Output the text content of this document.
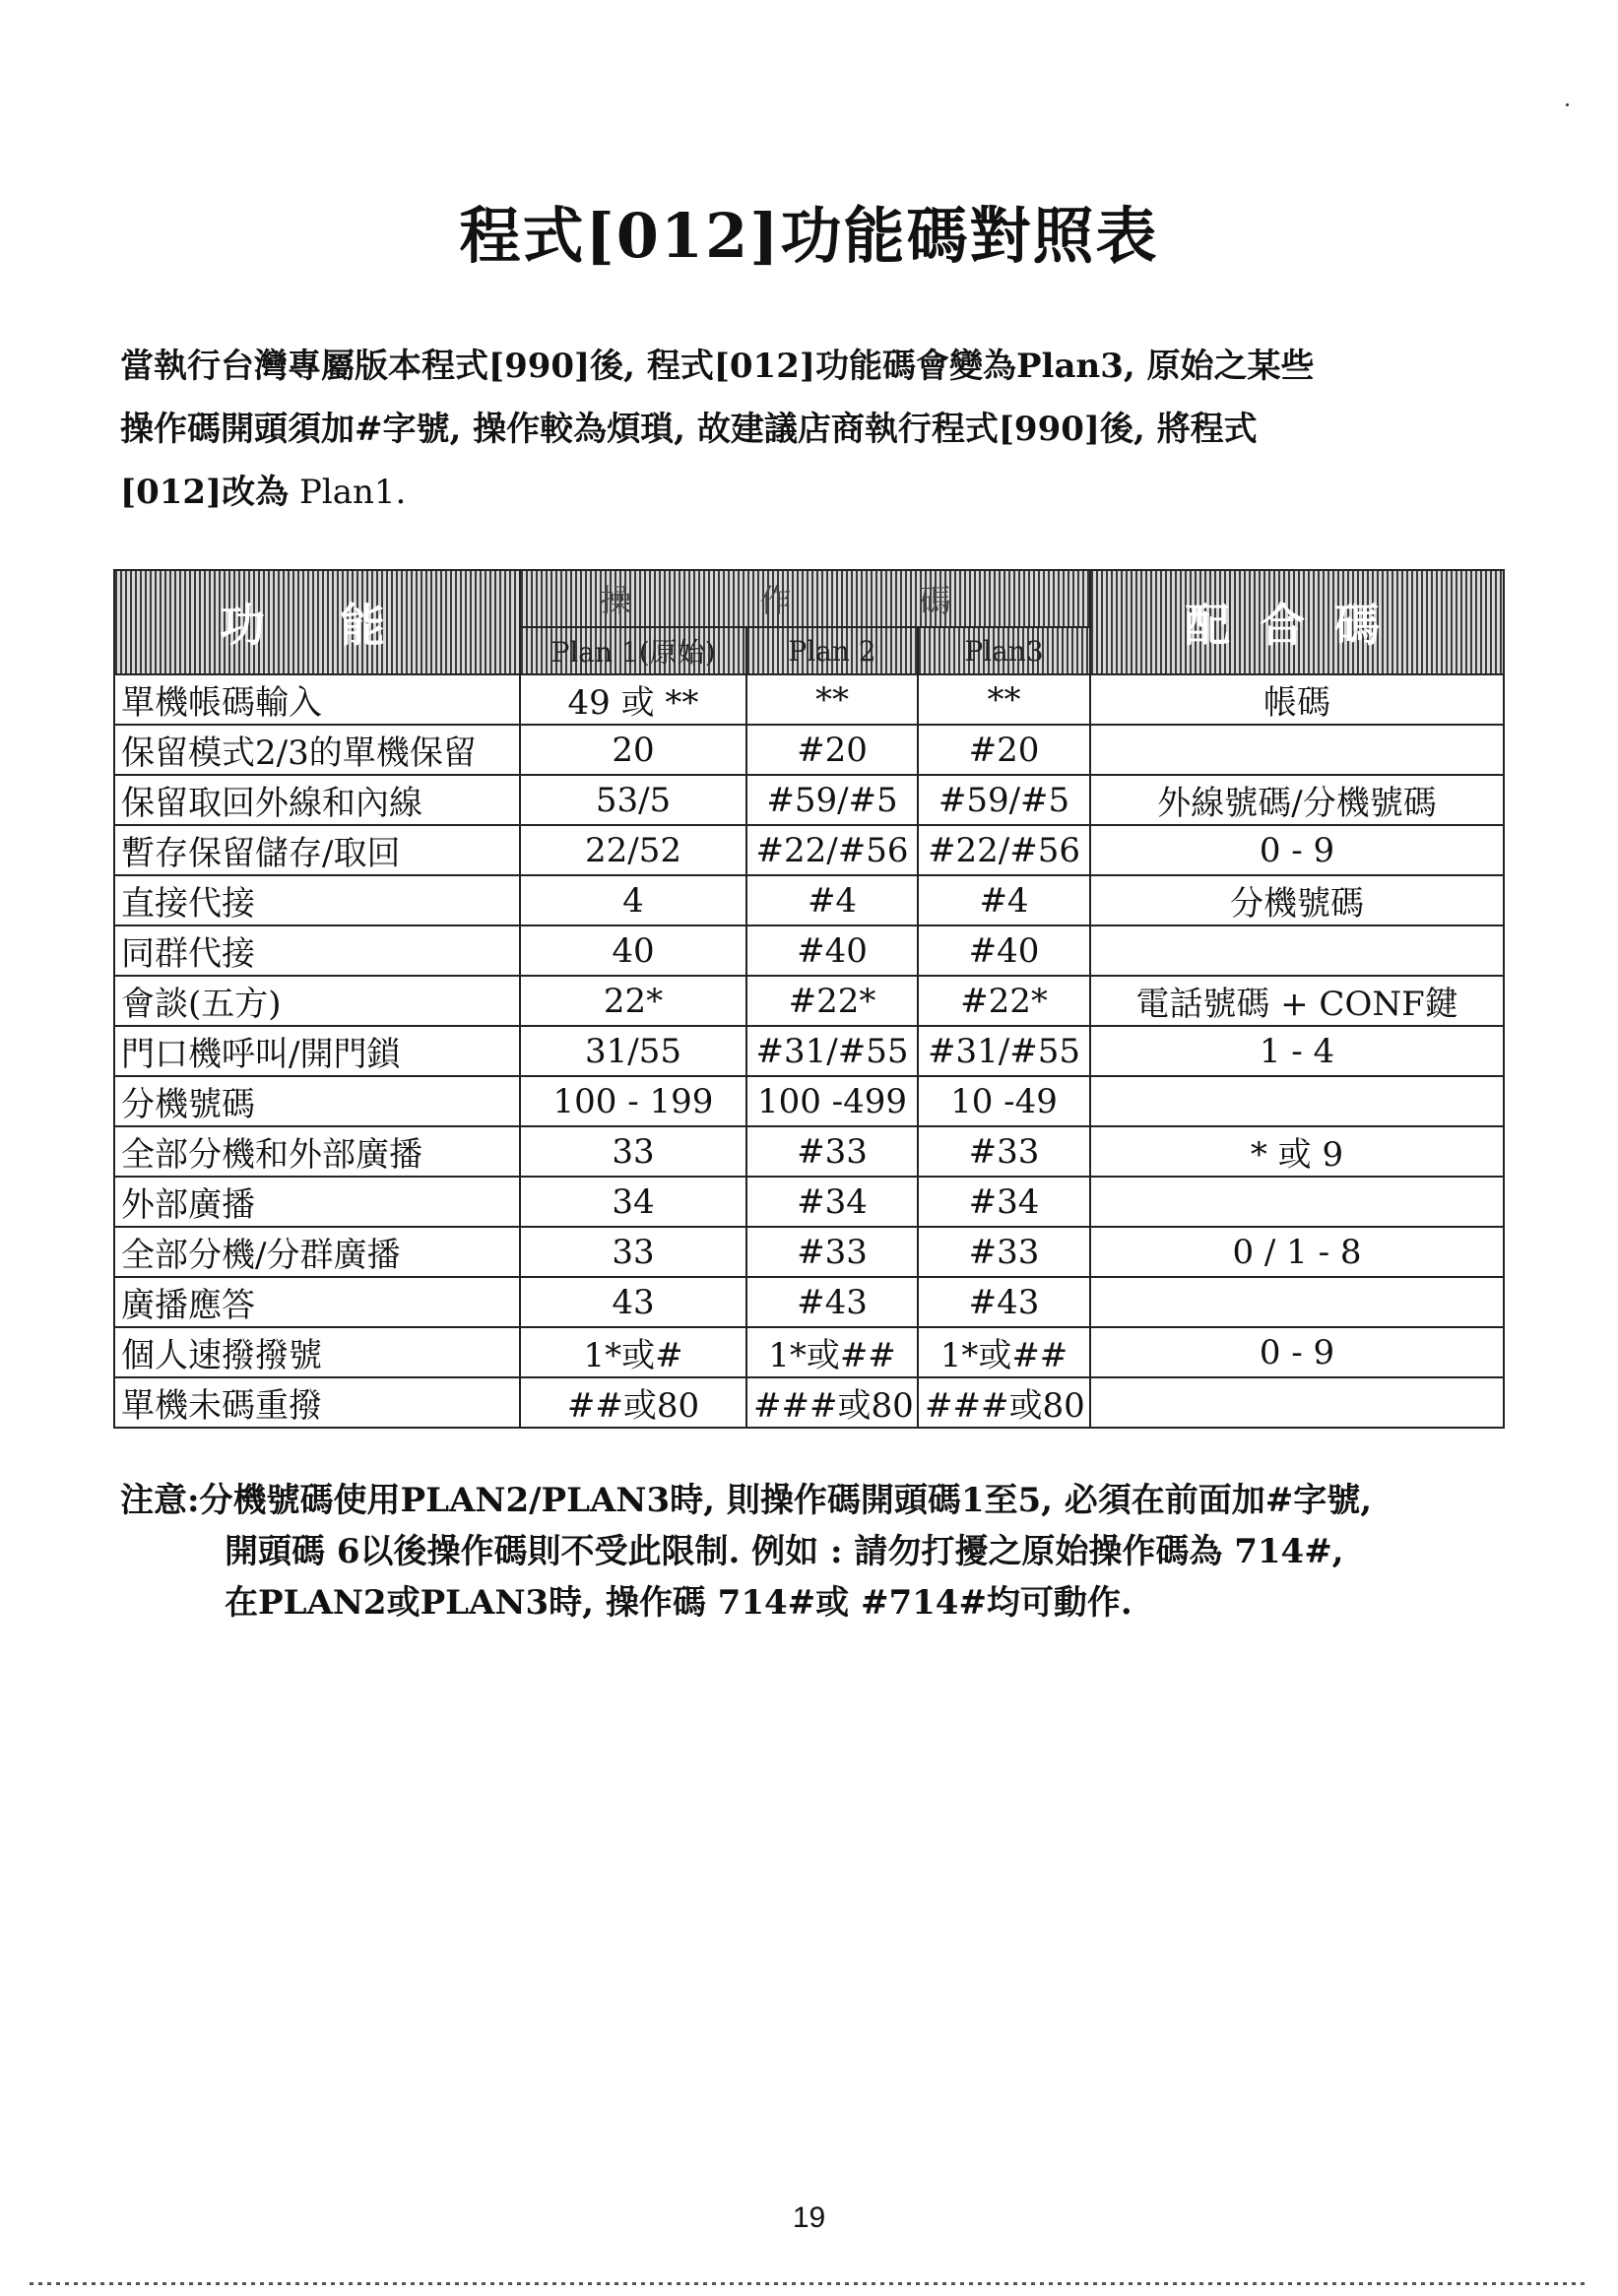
程式[012]功能碼對照表
當執行台灣專屬版本程式[990]後, 程式[012]功能碼會變為Plan3, 原始之某些
操作碼開頭須加#字號, 操作較為煩瑣, 故建議店商執行程式[990]後, 將程式
[012]改為 Plan1.
功 能	操 作 碼			配合碼
	Plan 1(原始)	Plan 2	Plan3	
單機帳碼輸入	49 或 **	**	**	帳碼
保留模式2/3的單機保留	20	#20	#20	
保留取回外線和內線	53/5	#59/#5	#59/#5	外線號碼/分機號碼
暫存保留儲存/取回	22/52	#22/#56	#22/#56	0 - 9
直接代接	4	#4	#4	分機號碼
同群代接	40	#40	#40	
會談(五方)	22*	#22*	#22*	電話號碼 + CONF鍵
門口機呼叫/開門鎖	31/55	#31/#55	#31/#55	1 - 4
分機號碼	100 - 199	100 -499	10 -49	
全部分機和外部廣播	33	#33	#33	* 或 9
外部廣播	34	#34	#34	
全部分機/分群廣播	33	#33	#33	0 / 1 - 8
廣播應答	43	#43	#43	
個人速撥撥號	1*或#	1*或##	1*或##	0 - 9
單機未碼重撥	##或80	###或80	###或80	
注意:分機號碼使用PLAN2/PLAN3時, 則操作碼開頭碼1至5, 必須在前面加#字號,
開頭碼 6以後操作碼則不受此限制. 例如 : 請勿打擾之原始操作碼為 714#,
在PLAN2或PLAN3時, 操作碼 714#或 #714#均可動作.
19
